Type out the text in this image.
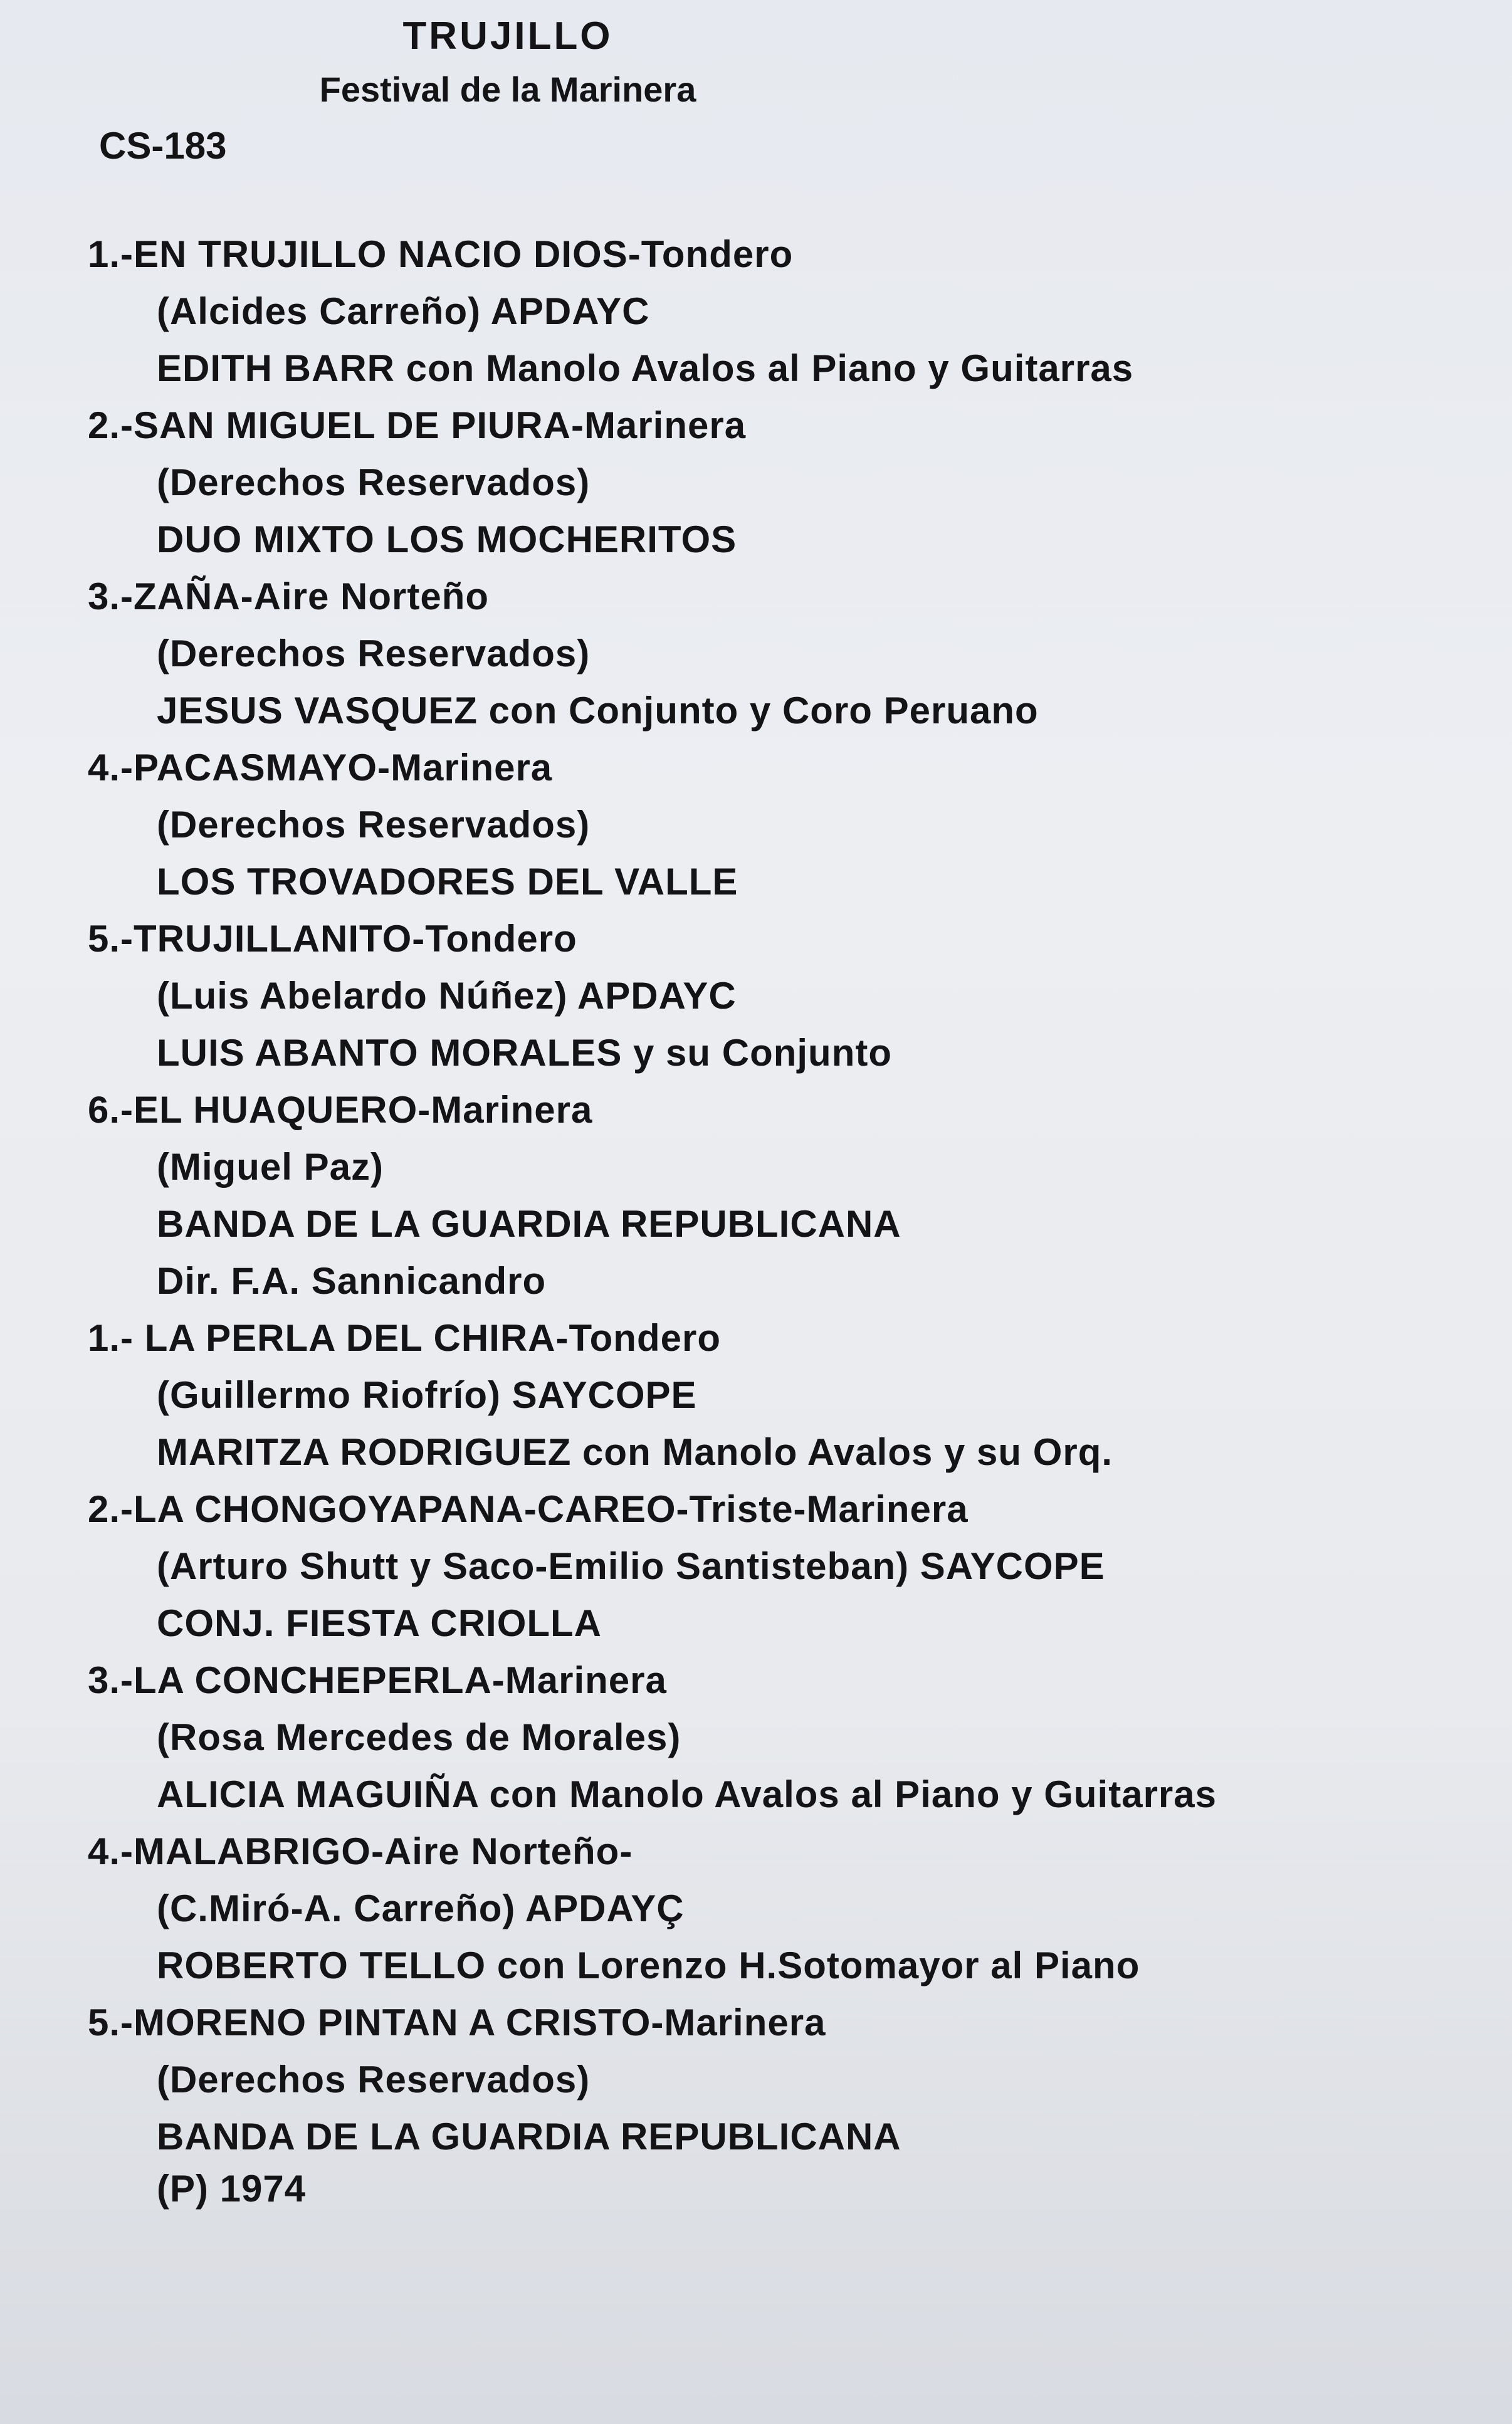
TRUJILLO
Festival de la Marinera
CS-183
1.-EN TRUJILLO NACIO DIOS-Tondero
(Alcides Carreño) APDAYC
EDITH BARR con Manolo Avalos al Piano y Guitarras
2.-SAN MIGUEL DE PIURA-Marinera
(Derechos Reservados)
DUO MIXTO LOS MOCHERITOS
3.-ZAÑA-Aire Norteño
(Derechos Reservados)
JESUS VASQUEZ con Conjunto y Coro Peruano
4.-PACASMAYO-Marinera
(Derechos Reservados)
LOS TROVADORES DEL VALLE
5.-TRUJILLANITO-Tondero
(Luis Abelardo Núñez) APDAYC
LUIS ABANTO MORALES y su Conjunto
6.-EL HUAQUERO-Marinera
(Miguel Paz)
BANDA DE LA GUARDIA REPUBLICANA
Dir. F.A. Sannicandro
1.- LA PERLA DEL CHIRA-Tondero
(Guillermo Riofrío) SAYCOPE
MARITZA RODRIGUEZ con Manolo Avalos y su Orq.
2.-LA CHONGOYAPANA-CAREO-Triste-Marinera
(Arturo Shutt y Saco-Emilio Santisteban) SAYCOPE
CONJ. FIESTA CRIOLLA
3.-LA CONCHEPERLA-Marinera
(Rosa Mercedes de Morales)
ALICIA MAGUIÑA con Manolo Avalos al Piano y Guitarras
4.-MALABRIGO-Aire Norteño-
(C.Miró-A. Carreño) APDAYÇ
ROBERTO TELLO con Lorenzo H.Sotomayor al Piano
5.-MORENO PINTAN A CRISTO-Marinera
(Derechos Reservados)
BANDA DE LA GUARDIA REPUBLICANA
(P) 1974
